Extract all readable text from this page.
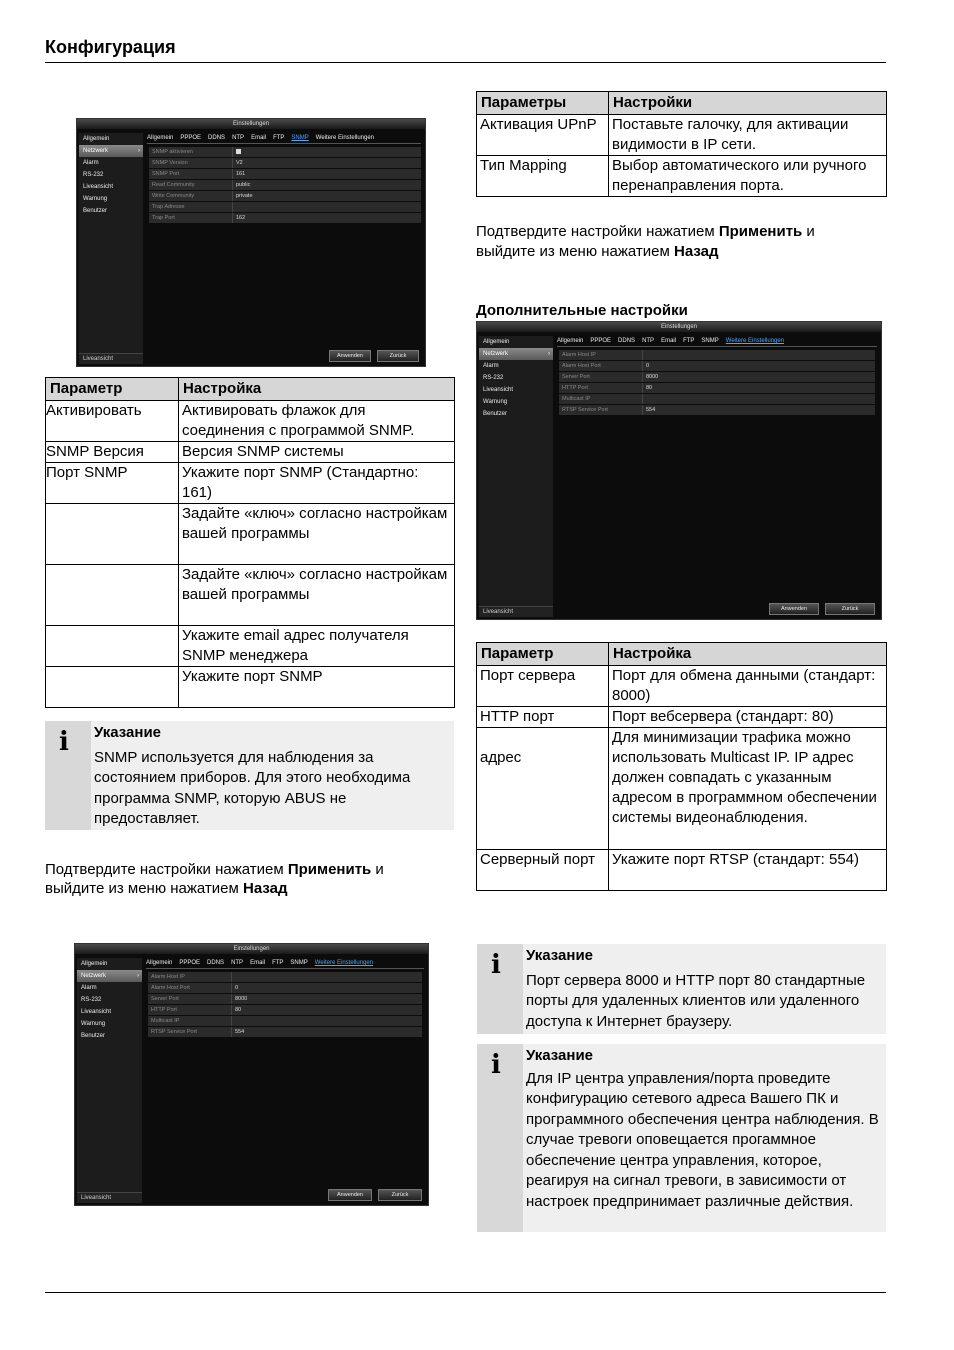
Конфигурация
Einstellungen
Allgemein
Netzwerk	›
Alarm
RS-232
Liveansicht
Warnung
Benutzer
Liveansicht
Allgemein PPPOE DDNS NTP Email FTP SNMP Weitere Einstellungen
SNMP aktivieren
SNMP Version	V2
SNMP Port	161
Read Community	public
Write Community	private
Trap Adresse
Trap Port	162
Anwenden	Zurück
Параметр	Настройка
Активировать	Активировать флажок для соединения с программой SNMP.
SNMP Версия	Версия SNMP системы
Порт SNMP	Укажите порт SNMP (Стандартно: 161)
	Задайте «ключ» согласно настройкам вашей программы
	Задайте «ключ» согласно настройкам вашей программы
	Укажите email адрес получателя SNMP менеджера
	Укажите порт SNMP
i Указание
SNMP используется для наблюдения за состоянием приборов. Для этого необходима программа SNMP, которую ABUS не предоставляет.
Подтвердите настройки нажатием Применить и выйдите из меню нажатием Назад
Einstellungen
Allgemein
Netzwerk	›
Alarm
RS-232
Liveansicht
Warnung
Benutzer
Liveansicht
Allgemein PPPOE DDNS NTP Email FTP SNMP Weitere Einstellungen
Alarm Host IP
Alarm Host Port	0
Server Port	8000
HTTP Port	80
Multicast IP
RTSP Service Port	554
Anwenden	Zurück
Параметры	Настройки
Активация UPnP	Поставьте галочку, для активации видимости в IP сети.
Тип Mapping	Выбор автоматического или ручного перенаправления порта.
Подтвердите настройки нажатием Применить и выйдите из меню нажатием Назад
Дополнительные настройки
Einstellungen
Allgemein
Netzwerk	›
Alarm
RS-232
Liveansicht
Warnung
Benutzer
Liveansicht
Allgemein PPPOE DDNS NTP Email FTP SNMP Weitere Einstellungen
Alarm Host IP
Alarm Host Port	0
Server Port	8000
HTTP Port	80
Multicast IP
RTSP Service Port	554
Anwenden	Zurück
Параметр	Настройка
Порт сервера	Порт для обмена данными (стандарт: 8000)
HTTP порт	Порт вебсервера (стандарт: 80)
адрес	Для минимизации трафика можно использовать Multicast IP. IP адрес должен совпадать с указанным адресом в программном обеспечении системы видеонаблюдения.
Серверный порт	Укажите порт RTSP (стандарт: 554)
i Указание
Порт сервера 8000 и HTTP порт 80 стандартные порты для удаленных клиентов или удаленного доступа к Интернет браузеру.
i Указание
Для IP центра управления/порта проведите конфигурацию сетевого адреса Вашего ПК и программного обеспечения центра наблюдения. В случае тревоги оповещается прогаммное обеспечение центра управления, которое, реагируя на сигнал тревоги, в зависимости от настроек предпринимает различные действия.
